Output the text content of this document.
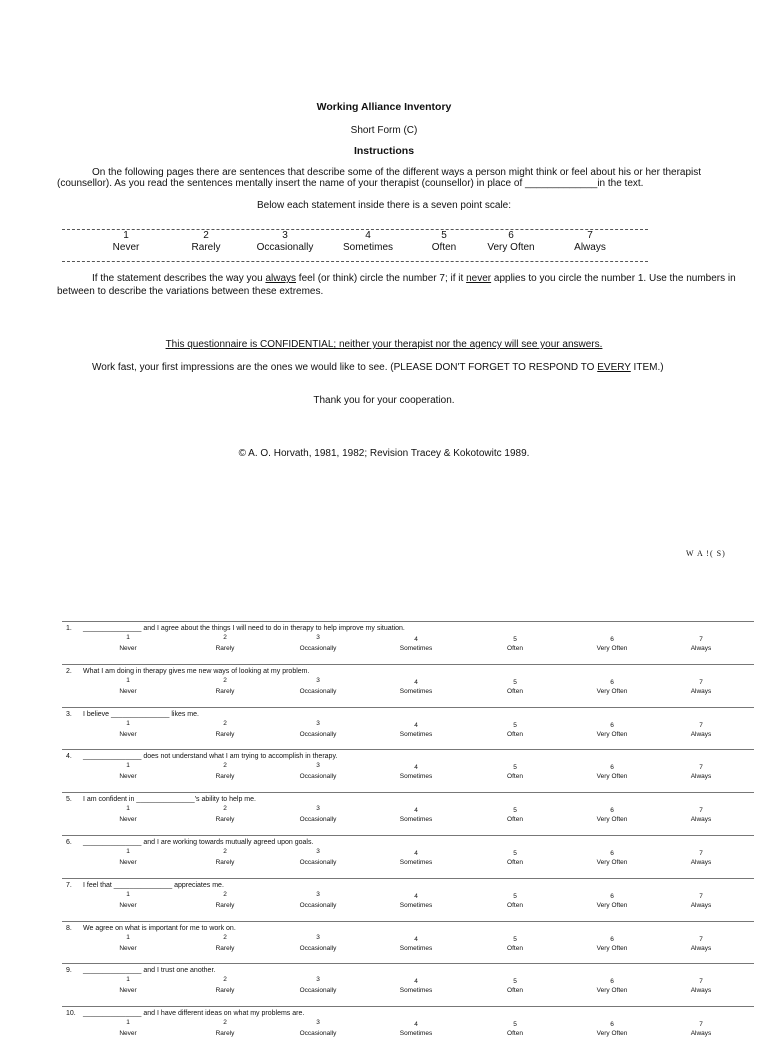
Working Alliance Inventory
Short Form (C)
Instructions
On the following pages there are sentences that describe some of the different ways a person might think or feel about his or her therapist
(counsellor). As you read the sentences mentally insert the name of your therapist (counsellor) in place of _____________in the text.
Below each statement inside there is a seven point scale:
1
Never
2
Rarely
3
Occasionally
4
Sometimes
5
Often
6
Very Often
7
Always
If the statement describes the way you always feel (or think) circle the number 7; if it never applies to you circle the number 1. Use the numbers in
between to describe the variations between these extremes.
This questionnaire is CONFIDENTIAL; neither your therapist nor the agency will see your answers.
Work fast, your first impressions are the ones we would like to see. (PLEASE DON'T FORGET TO RESPOND TO EVERY ITEM.)
Thank you for your cooperation.
© A. O. Horvath, 1981, 1982; Revision Tracey & Kokotowitc 1989.
W A !( S)
1. _______________ and I agree about the things I will need to do in therapy to help improve my situation.
1
Never
2
Rarely
3
Occasionally
4
Sometimes
5
Often
6
Very Often
7
Always
2. What I am doing in therapy gives me new ways of looking at my problem.
1
Never
2
Rarely
3
Occasionally
4
Sometimes
5
Often
6
Very Often
7
Always
3. I believe _______________ likes me.
1
Never
2
Rarely
3
Occasionally
4
Sometimes
5
Often
6
Very Often
7
Always
4. _______________ does not understand what I am trying to accomplish in therapy.
1
Never
2
Rarely
3
Occasionally
4
Sometimes
5
Often
6
Very Often
7
Always
5. I am confident in _______________'s ability to help me.
1
Never
2
Rarely
3
Occasionally
4
Sometimes
5
Often
6
Very Often
7
Always
6. _______________ and I are working towards mutually agreed upon goals.
1
Never
2
Rarely
3
Occasionally
4
Sometimes
5
Often
6
Very Often
7
Always
7. I feel that _______________ appreciates me.
1
Never
2
Rarely
3
Occasionally
4
Sometimes
5
Often
6
Very Often
7
Always
8. We agree on what is important for me to work on.
1
Never
2
Rarely
3
Occasionally
4
Sometimes
5
Often
6
Very Often
7
Always
9. _______________ and I trust one another.
1
Never
2
Rarely
3
Occasionally
4
Sometimes
5
Often
6
Very Often
7
Always
10. _______________ and I have different ideas on what my problems are.
1
Never
2
Rarely
3
Occasionally
4
Sometimes
5
Often
6
Very Often
7
Always
